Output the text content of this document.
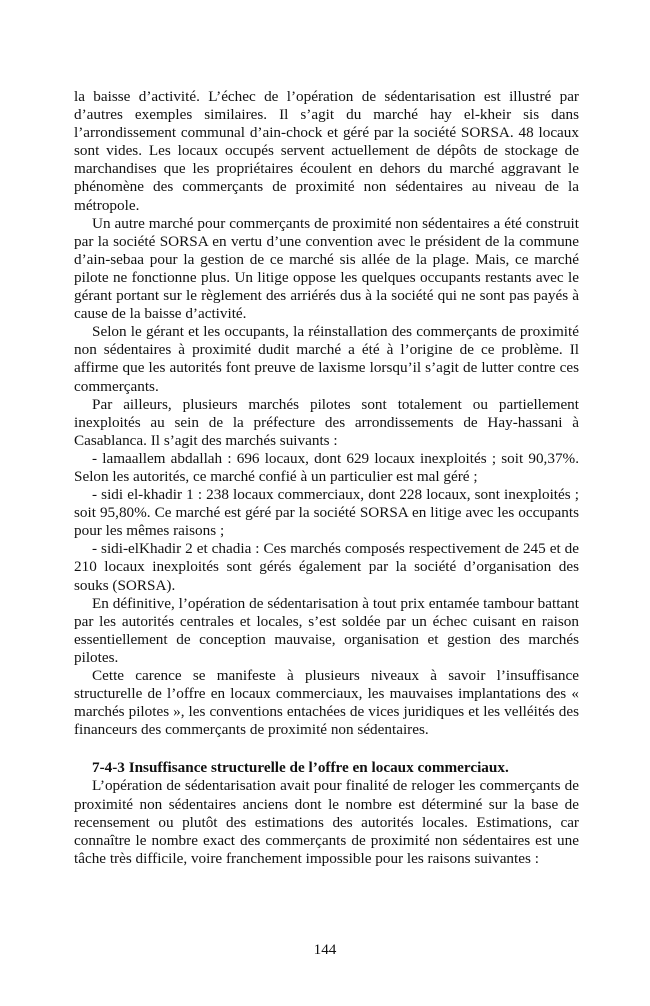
la baisse d’activité. L’échec de l’opération de sédentarisation est illustré par d’autres exemples similaires. Il s’agit du marché hay el-kheir sis dans l’arrondissement communal d’ain-chock et géré par la société SORSA. 48 locaux sont vides. Les locaux occupés servent actuellement de dépôts de stockage de marchandises que les propriétaires écoulent en dehors du marché aggravant le phénomène des commerçants de proximité non sédentaires au niveau de la métropole.

Un autre marché pour commerçants de proximité non sédentaires a été construit par la société SORSA en vertu d’une convention avec le président de la commune d’ain-sebaa pour la gestion de ce marché sis allée de la plage. Mais, ce marché pilote ne fonctionne plus. Un litige oppose les quelques occupants restants avec le gérant portant sur le règlement des arriérés dus à la société qui ne sont pas payés à cause de la baisse d’activité.

Selon le gérant et les occupants, la réinstallation des commerçants de proximité non sédentaires à proximité dudit marché a été à l’origine de ce problème. Il affirme que les autorités font preuve de laxisme lorsqu’il s’agit de lutter contre ces commerçants.

Par ailleurs, plusieurs marchés pilotes sont totalement ou partiellement inexploités au sein de la préfecture des arrondissements de Hay-hassani à Casablanca. Il s’agit des marchés suivants :

- lamaallem abdallah : 696 locaux, dont 629 locaux inexploités ; soit 90,37%. Selon les autorités, ce marché confié à un particulier est mal géré ;

- sidi el-khadir 1 : 238 locaux commerciaux, dont 228 locaux, sont inexploités ; soit 95,80%. Ce marché est géré par la société SORSA en litige avec les occupants pour les mêmes raisons ;

- sidi-elKhadir 2 et chadia : Ces marchés composés respectivement de 245 et de 210 locaux inexploités sont gérés également par la société d’organisation des souks (SORSA).

En définitive, l’opération de sédentarisation à tout prix entamée tambour battant par les autorités centrales et locales, s’est soldée par un échec cuisant en raison essentiellement de conception mauvaise, organisation et gestion des marchés pilotes.

Cette carence se manifeste à plusieurs niveaux à savoir l’insuffisance structurelle de l’offre en locaux commerciaux, les mauvaises implantations des « marchés pilotes », les conventions entachées de vices juridiques et les velléités des financeurs des commerçants de proximité non sédentaires.

7-4-3 Insuffisance structurelle de l’offre en locaux commerciaux.

L’opération de sédentarisation avait pour finalité de reloger les commerçants de proximité non sédentaires anciens dont le nombre est déterminé sur la base de recensement ou plutôt des estimations des autorités locales. Estimations, car connaître le nombre exact des commerçants de proximité non sédentaires est une tâche très difficile, voire franchement impossible pour les raisons suivantes :

144
